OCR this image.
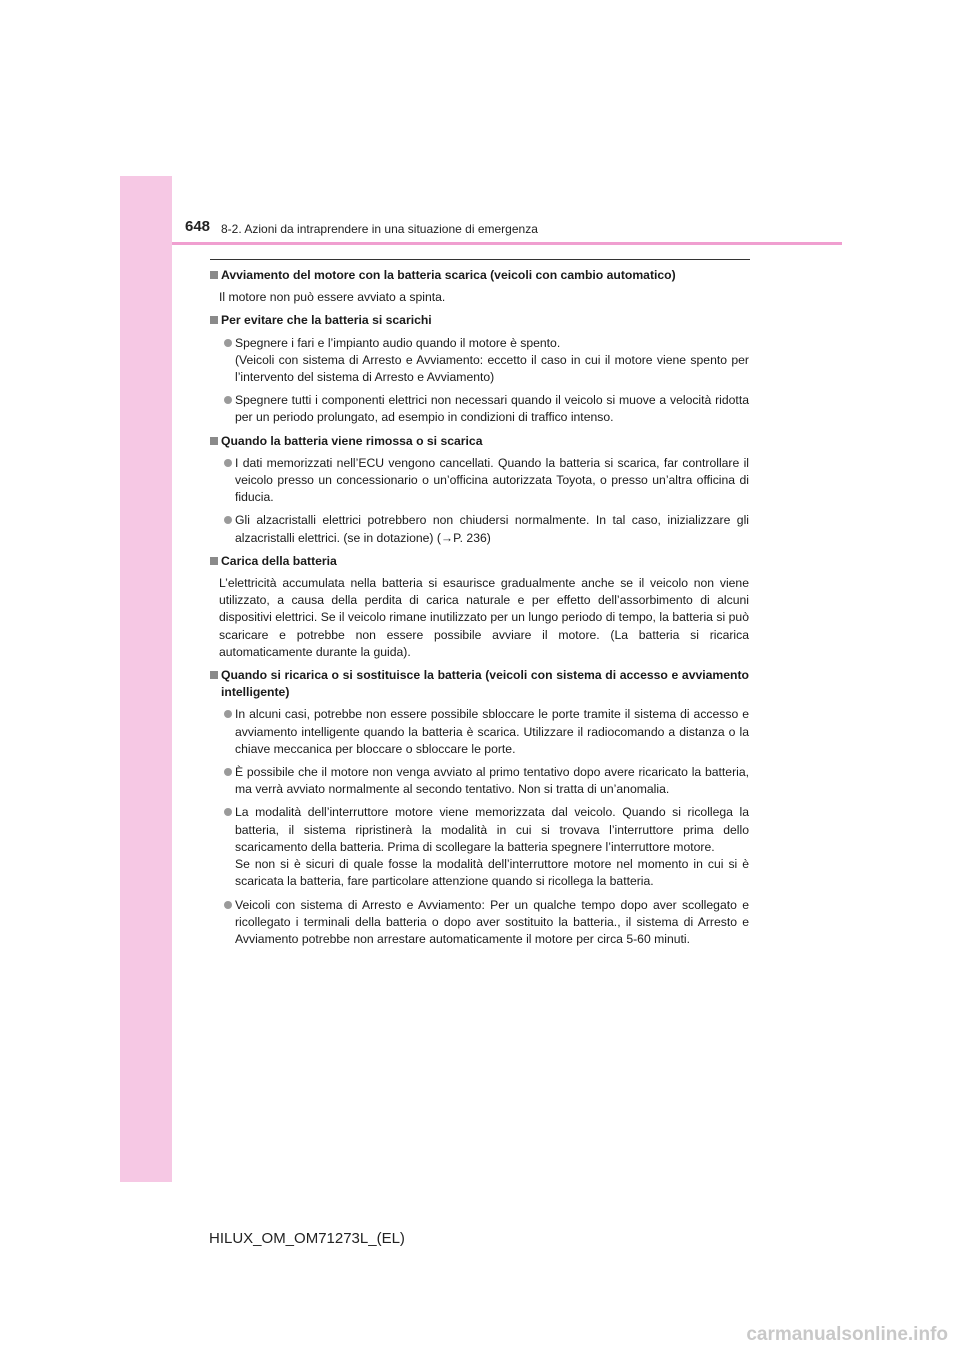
648 8-2. Azioni da intraprendere in una situazione di emergenza
Avviamento del motore con la batteria scarica (veicoli con cambio automatico)
Il motore non può essere avviato a spinta.
Per evitare che la batteria si scarichi
Spegnere i fari e l’impianto audio quando il motore è spento.
(Veicoli con sistema di Arresto e Avviamento: eccetto il caso in cui il motore viene spento per l’intervento del sistema di Arresto e Avviamento)
Spegnere tutti i componenti elettrici non necessari quando il veicolo si muove a velocità ridotta per un periodo prolungato, ad esempio in condizioni di traffico intenso.
Quando la batteria viene rimossa o si scarica
I dati memorizzati nell’ECU vengono cancellati. Quando la batteria si scarica, far controllare il veicolo presso un concessionario o un’officina autorizzata Toyota, o presso un’altra officina di fiducia.
Gli alzacristalli elettrici potrebbero non chiudersi normalmente. In tal caso, inizializzare gli alzacristalli elettrici. (se in dotazione) (→P. 236)
Carica della batteria
L’elettricità accumulata nella batteria si esaurisce gradualmente anche se il veicolo non viene utilizzato, a causa della perdita di carica naturale e per effetto dell’assorbimento di alcuni dispositivi elettrici. Se il veicolo rimane inutilizzato per un lungo periodo di tempo, la batteria si può scaricare e potrebbe non essere possibile avviare il motore. (La batteria si ricarica automaticamente durante la guida).
Quando si ricarica o si sostituisce la batteria (veicoli con sistema di accesso e avviamento intelligente)
In alcuni casi, potrebbe non essere possibile sbloccare le porte tramite il sistema di accesso e avviamento intelligente quando la batteria è scarica. Utilizzare il radiocomando a distanza o la chiave meccanica per bloccare o sbloccare le porte.
È possibile che il motore non venga avviato al primo tentativo dopo avere ricaricato la batteria, ma verrà avviato normalmente al secondo tentativo. Non si tratta di un’anomalia.
La modalità dell’interruttore motore viene memorizzata dal veicolo. Quando si ricollega la batteria, il sistema ripristinerà la modalità in cui si trovava l’interruttore prima dello scaricamento della batteria. Prima di scollegare la batteria spegnere l’interruttore motore.
Se non si è sicuri di quale fosse la modalità dell’interruttore motore nel momento in cui si è scaricata la batteria, fare particolare attenzione quando si ricollega la batteria.
Veicoli con sistema di Arresto e Avviamento: Per un qualche tempo dopo aver scollegato e ricollegato i terminali della batteria o dopo aver sostituito la batteria., il sistema di Arresto e Avviamento potrebbe non arrestare automaticamente il motore per circa 5-60 minuti.
HILUX_OM_OM71273L_(EL)
carmanualsonline.info
